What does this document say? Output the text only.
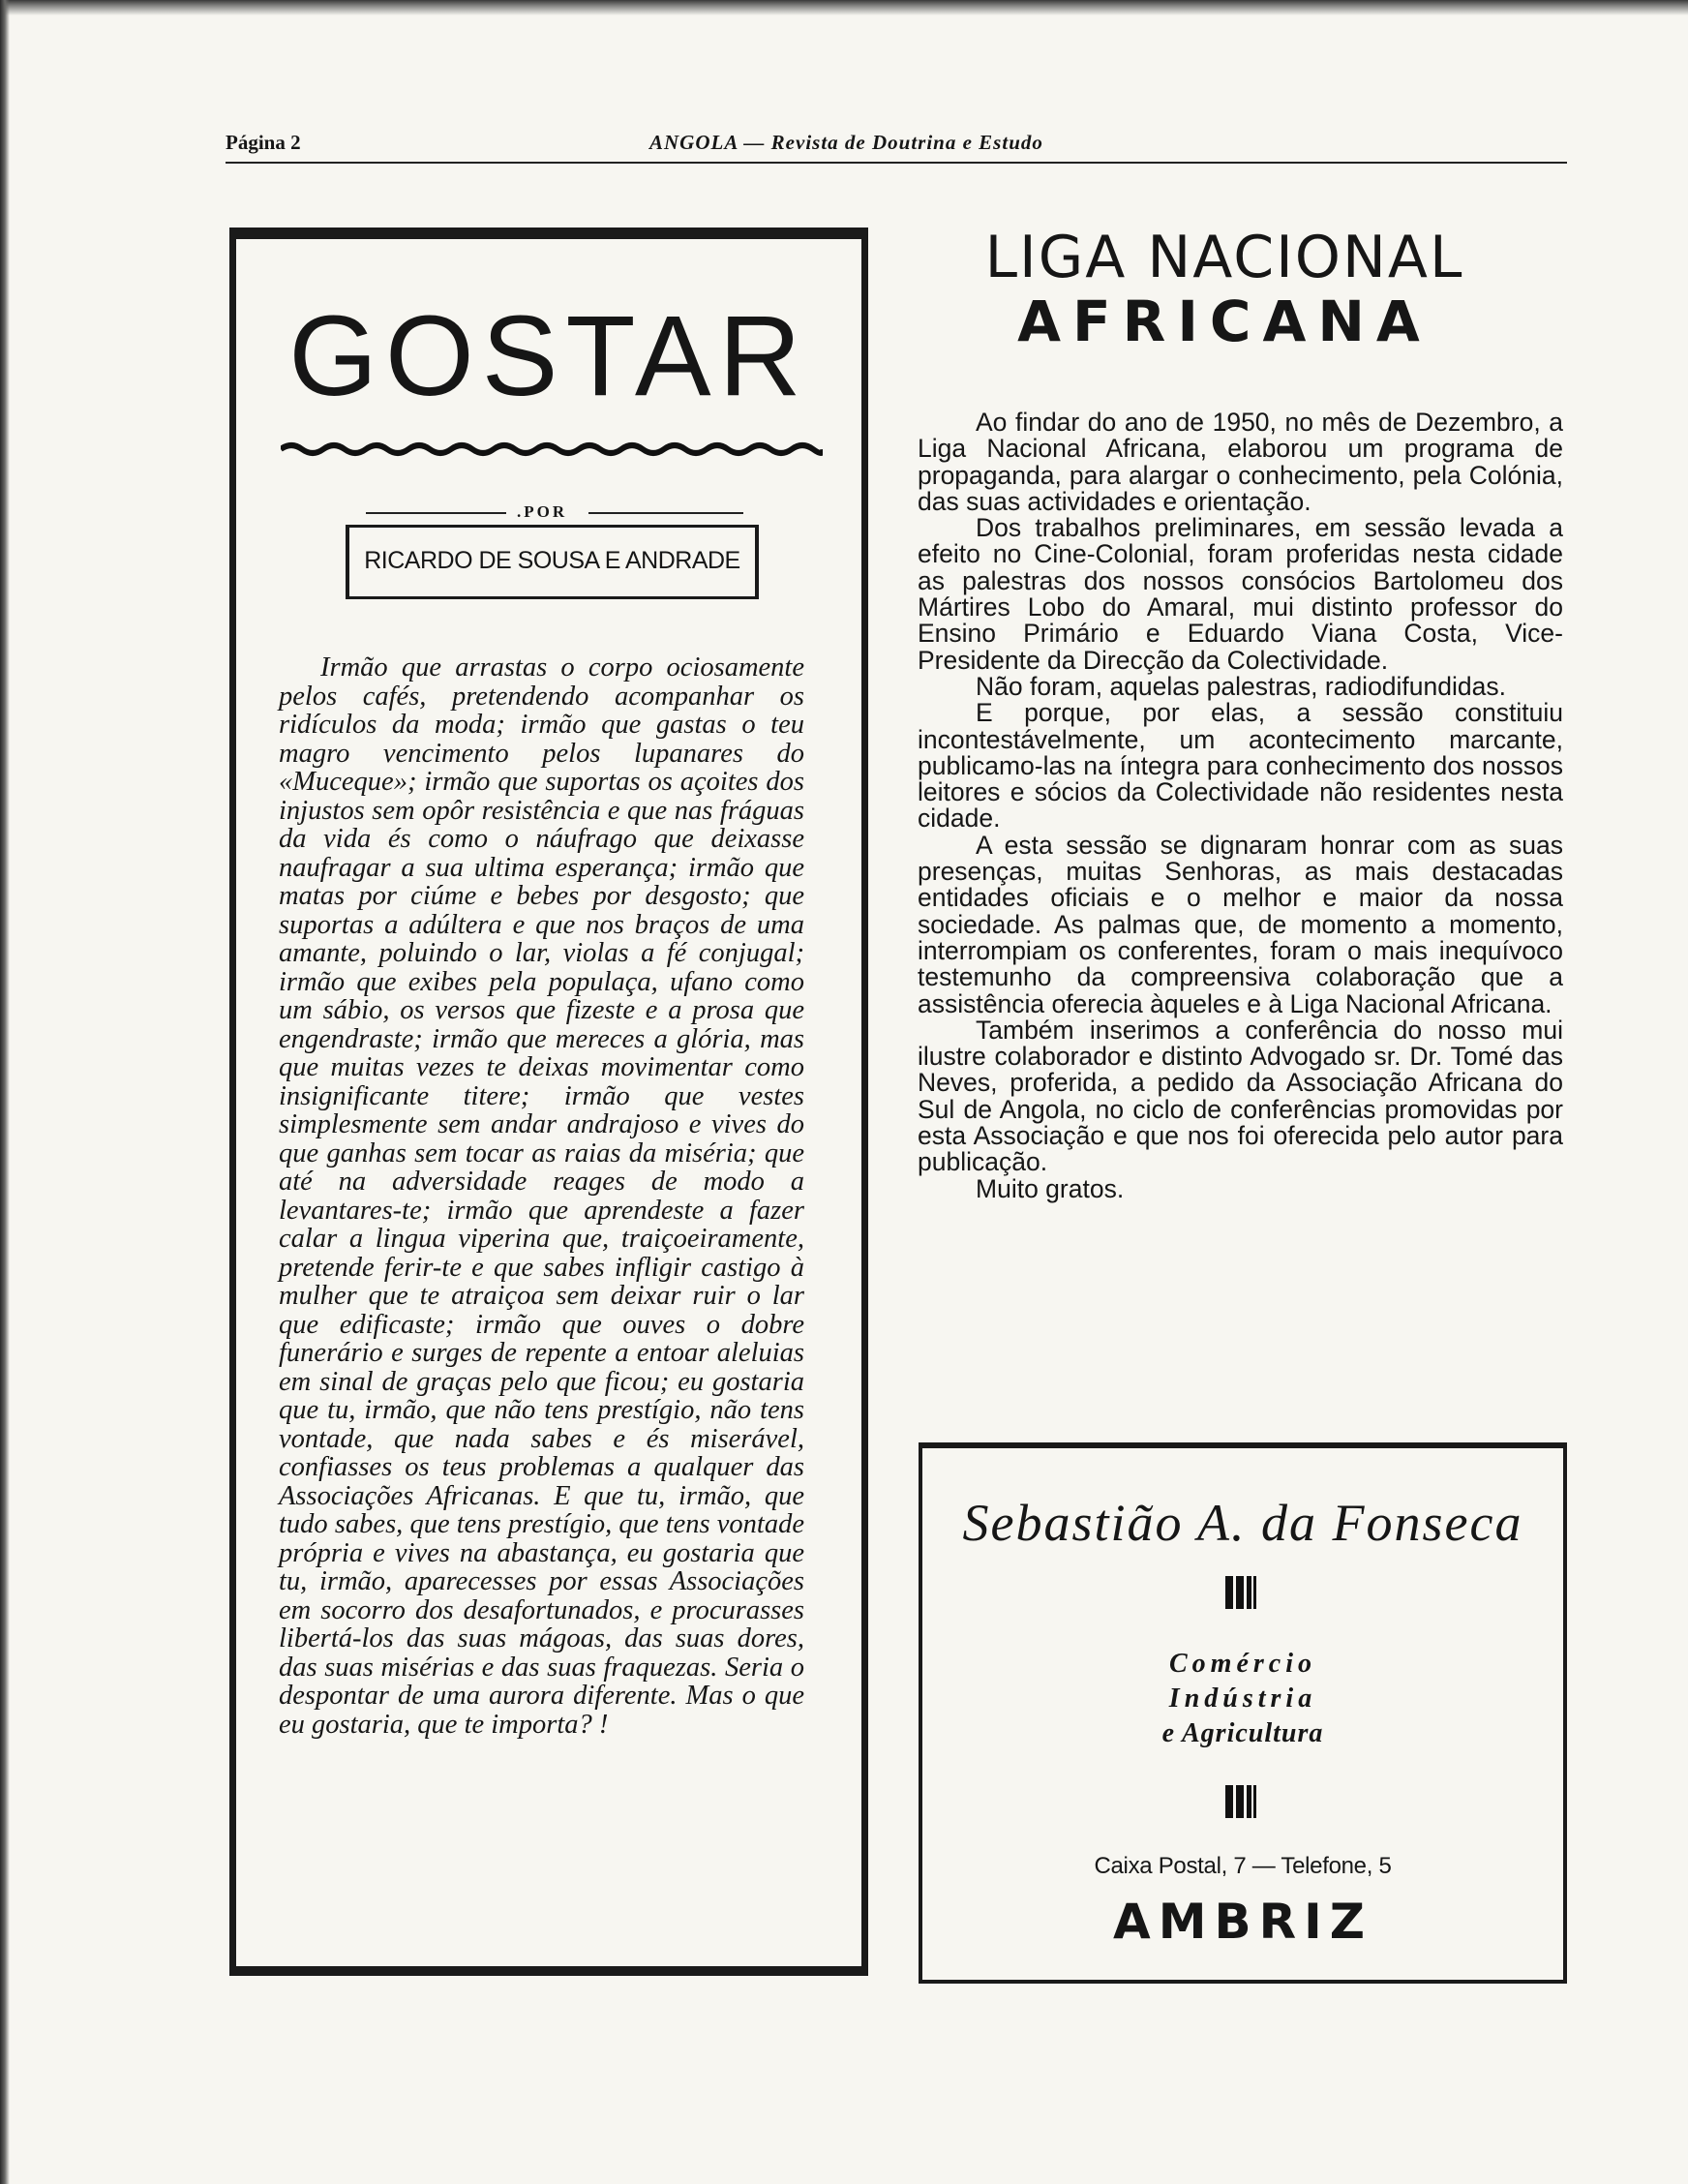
Página 2	ANGOLA — Revista de Doutrina e Estudo
GOSTAR
.POR
RICARDO DE SOUSA E ANDRADE

Irmão que arrastas o corpo ociosamente pelos cafés, pretendendo acompanhar os ridículos da moda; irmão que gastas o teu magro vencimento pelos lupanares do «Muceque»; irmão que suportas os açoites dos injustos sem opôr resistência e que nas fráguas da vida és como o náufrago que deixasse naufragar a sua ultima esperança; irmão que matas por ciúme e bebes por desgosto; que suportas a adúltera e que nos braços de uma amante, poluindo o lar, violas a fé conjugal; irmão que exibes pela populaça, ufano como um sábio, os versos que fizeste e a prosa que engendraste; irmão que mereces a glória, mas que muitas vezes te deixas movimentar como insignificante titere; irmão que vestes simplesmente sem andar andrajoso e vives do que ganhas sem tocar as raias da miséria; que até na adversidade reages de modo a levantares-te; irmão que aprendeste a fazer calar a lingua viperina que, traiçoeiramente, pretende ferir-te e que sabes infligir castigo à mulher que te atraiçoa sem deixar ruir o lar que edificaste; irmão que ouves o dobre funerário e surges de repente a entoar aleluias em sinal de graças pelo que ficou; eu gostaria que tu, irmão, que não tens prestígio, não tens vontade, que nada sabes e és miserável, confiasses os teus problemas a qualquer das Associações Africanas. E que tu, irmão, que tudo sabes, que tens prestígio, que tens vontade própria e vives na abastança, eu gostaria que tu, irmão, aparecesses por essas Associações em socorro dos desafortunados, e procurasses libertá-los das suas mágoas, das suas dores, das suas misérias e das suas fraquezas. Seria o despontar de uma aurora diferente. Mas o que eu gostaria, que te importa? !

LIGA NACIONAL
AFRICANA

Ao findar do ano de 1950, no mês de Dezembro, a Liga Nacional Africana, elaborou um programa de propaganda, para alargar o conhecimento, pela Colónia, das suas actividades e orientação.

Dos trabalhos preliminares, em sessão levada a efeito no Cine-Colonial, foram proferidas nesta cidade as palestras dos nossos consócios Bartolomeu dos Mártires Lobo do Amaral, mui distinto professor do Ensino Primário e Eduardo Viana Costa, Vice-Presidente da Direcção da Colectividade.

Não foram, aquelas palestras, radiodifundidas.

E porque, por elas, a sessão constituiu incontestávelmente, um acontecimento marcante, publicamo-las na íntegra para conhecimento dos nossos leitores e sócios da Colectividade não residentes nesta cidade.

A esta sessão se dignaram honrar com as suas presenças, muitas Senhoras, as mais destacadas entidades oficiais e o melhor e maior da nossa sociedade. As palmas que, de momento a momento, interrompiam os conferentes, foram o mais inequívoco testemunho da compreensiva colaboração que a assistência oferecia àqueles e à Liga Nacional Africana.

Também inserimos a conferência do nosso mui ilustre colaborador e distinto Advogado sr. Dr. Tomé das Neves, proferida, a pedido da Associação Africana do Sul de Angola, no ciclo de conferências promovidas por esta Associação e que nos foi oferecida pelo autor para publicação.

Muito gratos.

Sebastião A. da Fonseca
Comércio
Indústria
e Agricultura
Caixa Postal, 7 — Telefone, 5
AMBRIZ
